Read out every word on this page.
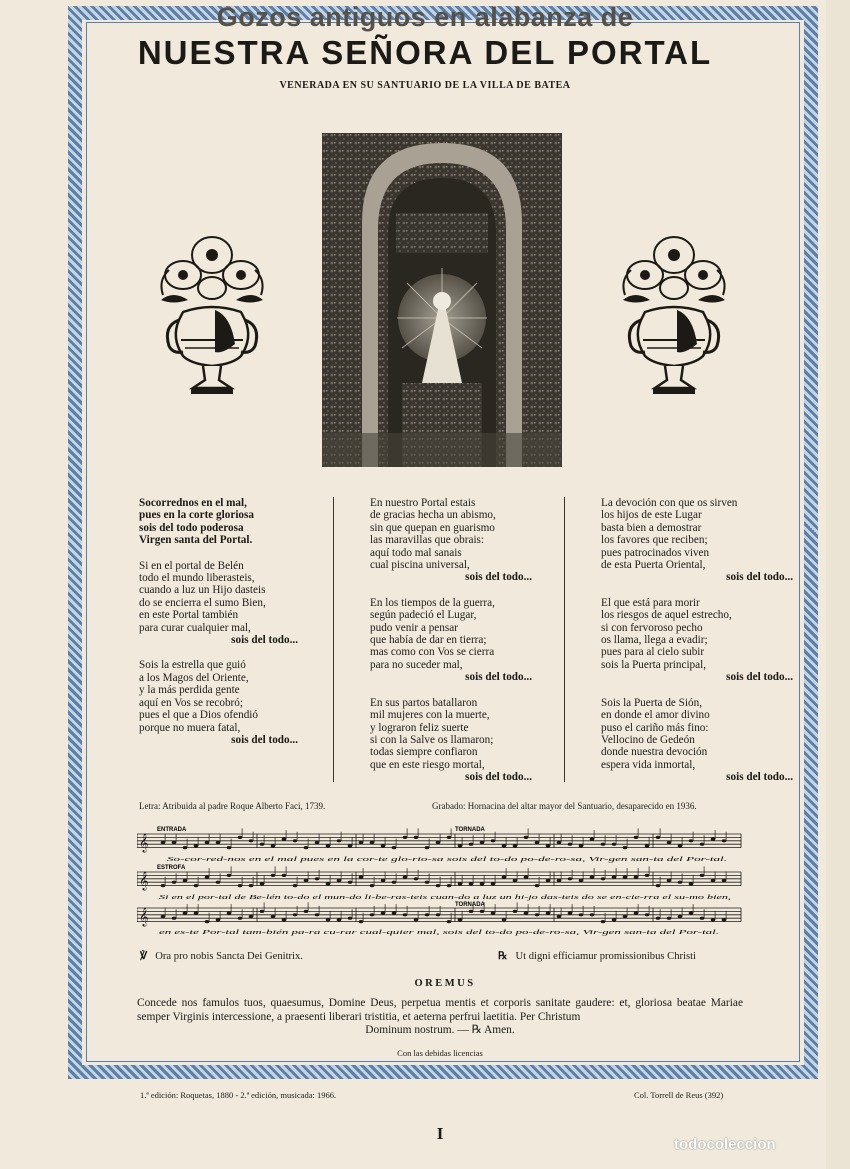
Gozos antiguos en alabanza de
NUESTRA SEÑORA DEL PORTAL
VENERADA EN SU SANTUARIO DE LA VILLA DE BATEA
Socorrednos en el mal,
pues en la corte gloriosa
sois del todo poderosa
Virgen santa del Portal.
Si en el portal de Belén
todo el mundo liberasteis,
cuando a luz un Hijo dasteis
do se encierra el sumo Bien,
en este Portal también
para curar cualquier mal,
sois del todo...
Sois la estrella que guió
a los Magos del Oriente,
y la más perdida gente
aquí en Vos se recobró;
pues el que a Dios ofendió
porque no muera fatal,
sois del todo...
En nuestro Portal estais
de gracias hecha un abismo,
sin que quepan en guarismo
las maravillas que obrais:
aquí todo mal sanais
cual piscina universal,
sois del todo...
En los tiempos de la guerra,
según padeció el Lugar,
pudo venir a pensar
que había de dar en tierra;
mas como con Vos se cierra
para no suceder mal,
sois del todo...
En sus partos batallaron
mil mujeres con la muerte,
y lograron feliz suerte
si con la Salve os llamaron;
todas siempre confiaron
que en este riesgo mortal,
sois del todo...
La devoción con que os sirven
los hijos de este Lugar
basta bien a demostrar
los favores que reciben;
pues patrocinados viven
de esta Puerta Oriental,
sois del todo...
El que está para morir
los riesgos de aquel estrecho,
si con fervoroso pecho
os llama, llega a evadir;
pues para al cielo subir
sois la Puerta principal,
sois del todo...
Sois la Puerta de Sión,
en donde el amor divino
puso el cariño más fino:
Vellocino de Gedeón
donde nuestra devoción
espera vida inmortal,
sois del todo...
Letra: Atribuida al padre Roque Alberto Faci, 1739.	Grabado: Hornacina del altar mayor del Santuario, desaparecido en 1936.
𝄞
𝄞
𝄞
ENTRADA	TORNADA
ESTROFA
TORNADA
So-cor-red-nos en el mal pues en la cor-te glo-rio-sa sois del to-do po-de-ro-sa, Vir-gen san-ta del Por-tal.
Si en el por-tal de Be-lén to-do el mun-do li-be-ras-teis cuan-do a luz un hi-jo das-teis do se en-cie-rra el su-mo bien,
en es-te Por-tal tam-bién pa-ra cu-rar cual-quier mal, sois del to-do po-de-ro-sa, Vir-gen san-ta del Por-tal.
℣ Ora pro nobis Sancta Dei Genitrix.	℞ Ut digni efficiamur promissionibus Christi
OREMUS
Concede nos famulos tuos, quaesumus, Domine Deus, perpetua mentis et corporis sanitate gaudere: et, gloriosa beatae Mariae semper Virginis intercessione, a praesenti liberari tristitia, et aeterna perfrui laetitia. Per Christum
Dominum nostrum. — ℞ Amen.
Con las debidas licencias
1.ª edición: Roquetas, 1880 - 2.ª edición, musicada: 1966.	Col. Torrell de Reus (392)
I
todocoleccion
